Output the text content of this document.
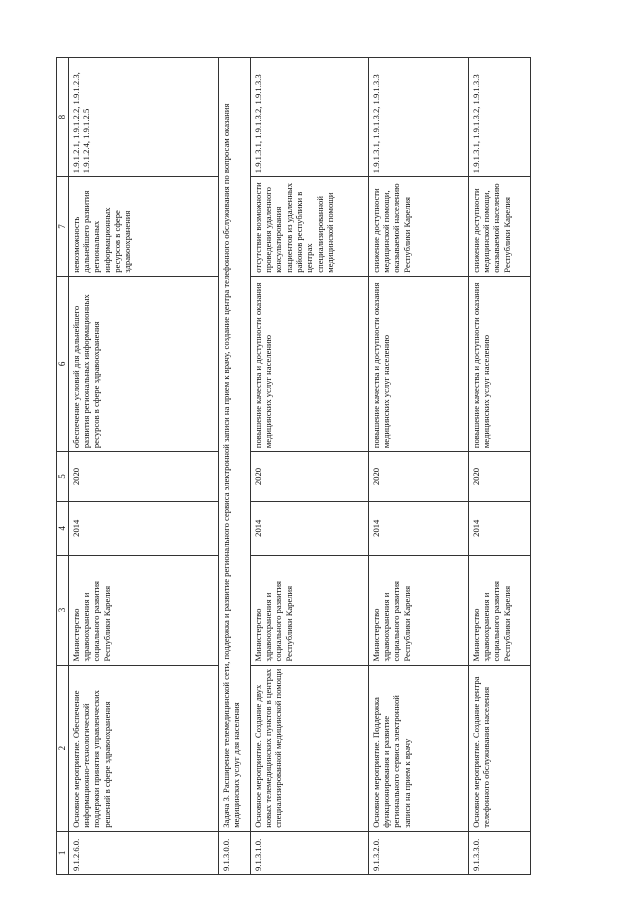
1	2	3	4	5	6	7	8
9.1.2.6.0.	Основное мероприятие. Обеспечение информационно-технологической поддержки принятия управленческих решений в сфере здравоохранения	Министерство здравоохранения и социального развития Республики Карелия	2014	2020	обеспечение условий для дальнейшего развития региональных информационных ресурсов в сфере здравоохранения	невозможность дальнейшего развития региональных информационных ресурсов в сфере здравоохранения	1.9.1.2.1, 1.9.1.2.2, 1.9.1.2.3, 1.9.1.2.4, 1.9.1.2.5
9.1.3.0.0.	Задача 3. Расширение телемедицинской сети, поддержка и развитие регионального сервиса электронной записи на прием к врачу, создание центра телефонного обслуживания по вопросам оказания медицинских услуг для населения						
9.1.3.1.0.	Основное мероприятие. Создание двух новых телемедицинских пунктов в центрах специализированной медицинской помощи	Министерство здравоохранения и социального развития Республики Карелия	2014	2020	повышение качества и доступности оказания медицинских услуг населению	отсутствие возможности проведения удаленного консультирования пациентов из удаленных районов республики в центрах специализированной медицинской помощи	1.9.1.3.1, 1.9.1.3.2, 1.9.1.3.3
9.1.3.2.0.	Основное мероприятие. Поддержка функционирования и развитие регионального сервиса электронной записи на прием к врачу	Министерство здравоохранения и социального развития Республики Карелия	2014	2020	повышение качества и доступности оказания медицинских услуг населению	снижение доступности медицинской помощи, оказываемой населению Республики Карелия	1.9.1.3.1, 1.9.1.3.2, 1.9.1.3.3
9.1.3.3.0.	Основное мероприятие. Создание центра телефонного обслуживания населения	Министерство здравоохранения и социального развития Республики Карелия	2014	2020	повышение качества и доступности оказания медицинских услуг населению	снижение доступности медицинской помощи, оказываемой населению Республики Карелия	1.9.1.3.1, 1.9.1.3.2, 1.9.1.3.3
